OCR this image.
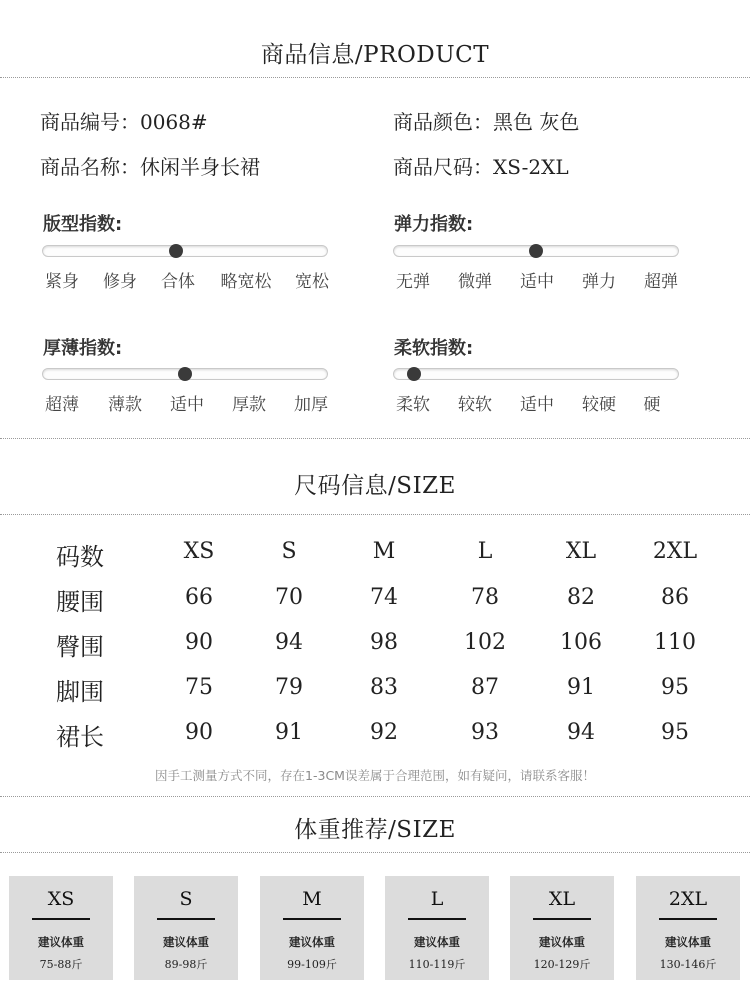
商品信息/PRODUCT
商品编号：0068#	商品颜色：黑色 灰色
商品名称：休闲半身长裙	商品尺码：XS-2XL
版型指数:
紧身	修身	合体	略宽松	宽松
弹力指数:
无弹	微弹	适中	弹力	超弹
厚薄指数:
超薄	薄款	适中	厚款	加厚
柔软指数:
柔软	较软	适中	较硬	硬
尺码信息/SIZE
码数	XS	S	M	L	XL	2XL
腰围	66	70	74	78	82	86
臀围	90	94	98	102	106	110
脚围	75	79	83	87	91	95
裙长	90	91	92	93	94	95
因手工测量方式不同，存在1-3CM误差属于合理范围，如有疑问，请联系客服！
体重推荐/SIZE
XS
建议体重
75-88斤
S
建议体重
89-98斤
M
建议体重
99-109斤
L
建议体重
110-119斤
XL
建议体重
120-129斤
2XL
建议体重
130-146斤
